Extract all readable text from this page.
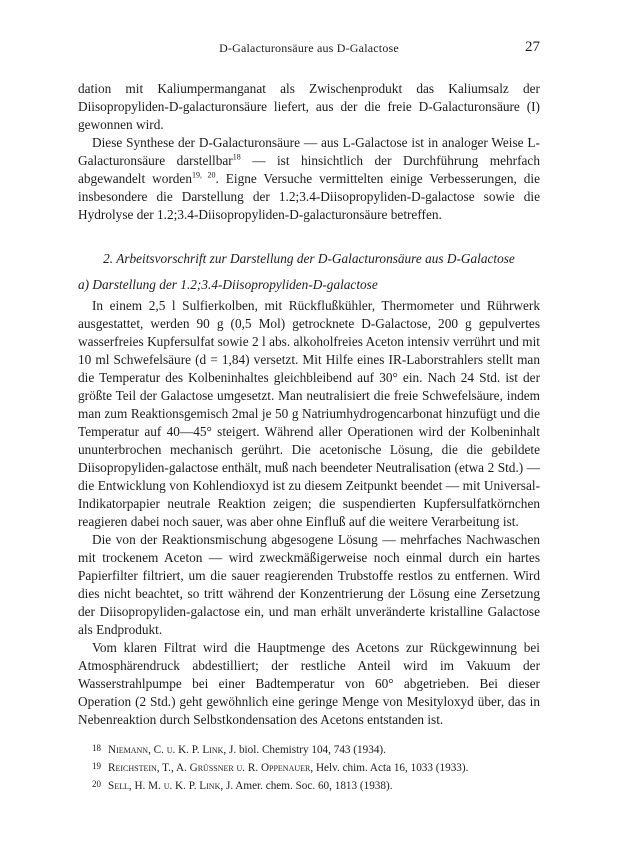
D-Galacturonsäure aus D-Galactose	27

dation mit Kaliumpermanganat als Zwischenprodukt das Kaliumsalz der Diisopropyliden-D-galacturonsäure liefert, aus der die freie D-Galacturonsäure (I) gewonnen wird.

Diese Synthese der D-Galacturonsäure — aus L-Galactose ist in analoger Weise L-Galacturonsäure darstellbar$^{18}$ — ist hinsichtlich der Durchführung mehrfach abgewandelt worden$^{19, 20}$. Eigne Versuche vermittelten einige Verbesserungen, die insbesondere die Darstellung der 1.2;3.4-Diisopropyliden-D-galactose sowie die Hydrolyse der 1.2;3.4-Diisopropyliden-D-galacturonsäure betreffen.

2. Arbeitsvorschrift zur Darstellung der D-Galacturonsäure aus D-Galactose

a) Darstellung der 1.2;3.4-Diisopropyliden-D-galactose

In einem 2,5 l Sulfierkolben, mit Rückflußkühler, Thermometer und Rührwerk ausgestattet, werden 90 g (0,5 Mol) getrocknete D-Galactose, 200 g gepulvertes wasserfreies Kupfersulfat sowie 2 l abs. alkoholfreies Aceton intensiv verrührt und mit 10 ml Schwefelsäure (d = 1,84) versetzt. Mit Hilfe eines IR-Laborstrahlers stellt man die Temperatur des Kolbeninhaltes gleichbleibend auf 30° ein. Nach 24 Std. ist der größte Teil der Galactose umgesetzt. Man neutralisiert die freie Schwefelsäure, indem man zum Reaktionsgemisch 2mal je 50 g Natriumhydrogencarbonat hinzufügt und die Temperatur auf 40—45° steigert. Während aller Operationen wird der Kolbeninhalt ununterbrochen mechanisch gerührt. Die acetonische Lösung, die die gebildete Diisopropyliden-galactose enthält, muß nach beendeter Neutralisation (etwa 2 Std.) — die Entwicklung von Kohlendioxyd ist zu diesem Zeitpunkt beendet — mit Universal-Indikatorpapier neutrale Reaktion zeigen; die suspendierten Kupfersulfatkörnchen reagieren dabei noch sauer, was aber ohne Einfluß auf die weitere Verarbeitung ist.

Die von der Reaktionsmischung abgesogene Lösung — mehrfaches Nachwaschen mit trockenem Aceton — wird zweckmäßigerweise noch einmal durch ein hartes Papierfilter filtriert, um die sauer reagierenden Trubstoffe restlos zu entfernen. Wird dies nicht beachtet, so tritt während der Konzentrierung der Lösung eine Zersetzung der Diisopropyliden-galactose ein, und man erhält unveränderte kristalline Galactose als Endprodukt.

Vom klaren Filtrat wird die Hauptmenge des Acetons zur Rückgewinnung bei Atmosphärendruck abdestilliert; der restliche Anteil wird im Vakuum der Wasserstrahlpumpe bei einer Badtemperatur von 60° abgetrieben. Bei dieser Operation (2 Std.) geht gewöhnlich eine geringe Menge von Mesityloxyd über, das in Nebenreaktion durch Selbstkondensation des Acetons entstanden ist.

18 Niemann, C. u. K. P. Link, J. biol. Chemistry 104, 743 (1934).
19 Reichstein, T., A. Grüssner u. R. Oppenauer, Helv. chim. Acta 16, 1033 (1933).
20 Sell, H. M. u. K. P. Link, J. Amer. chem. Soc. 60, 1813 (1938).
